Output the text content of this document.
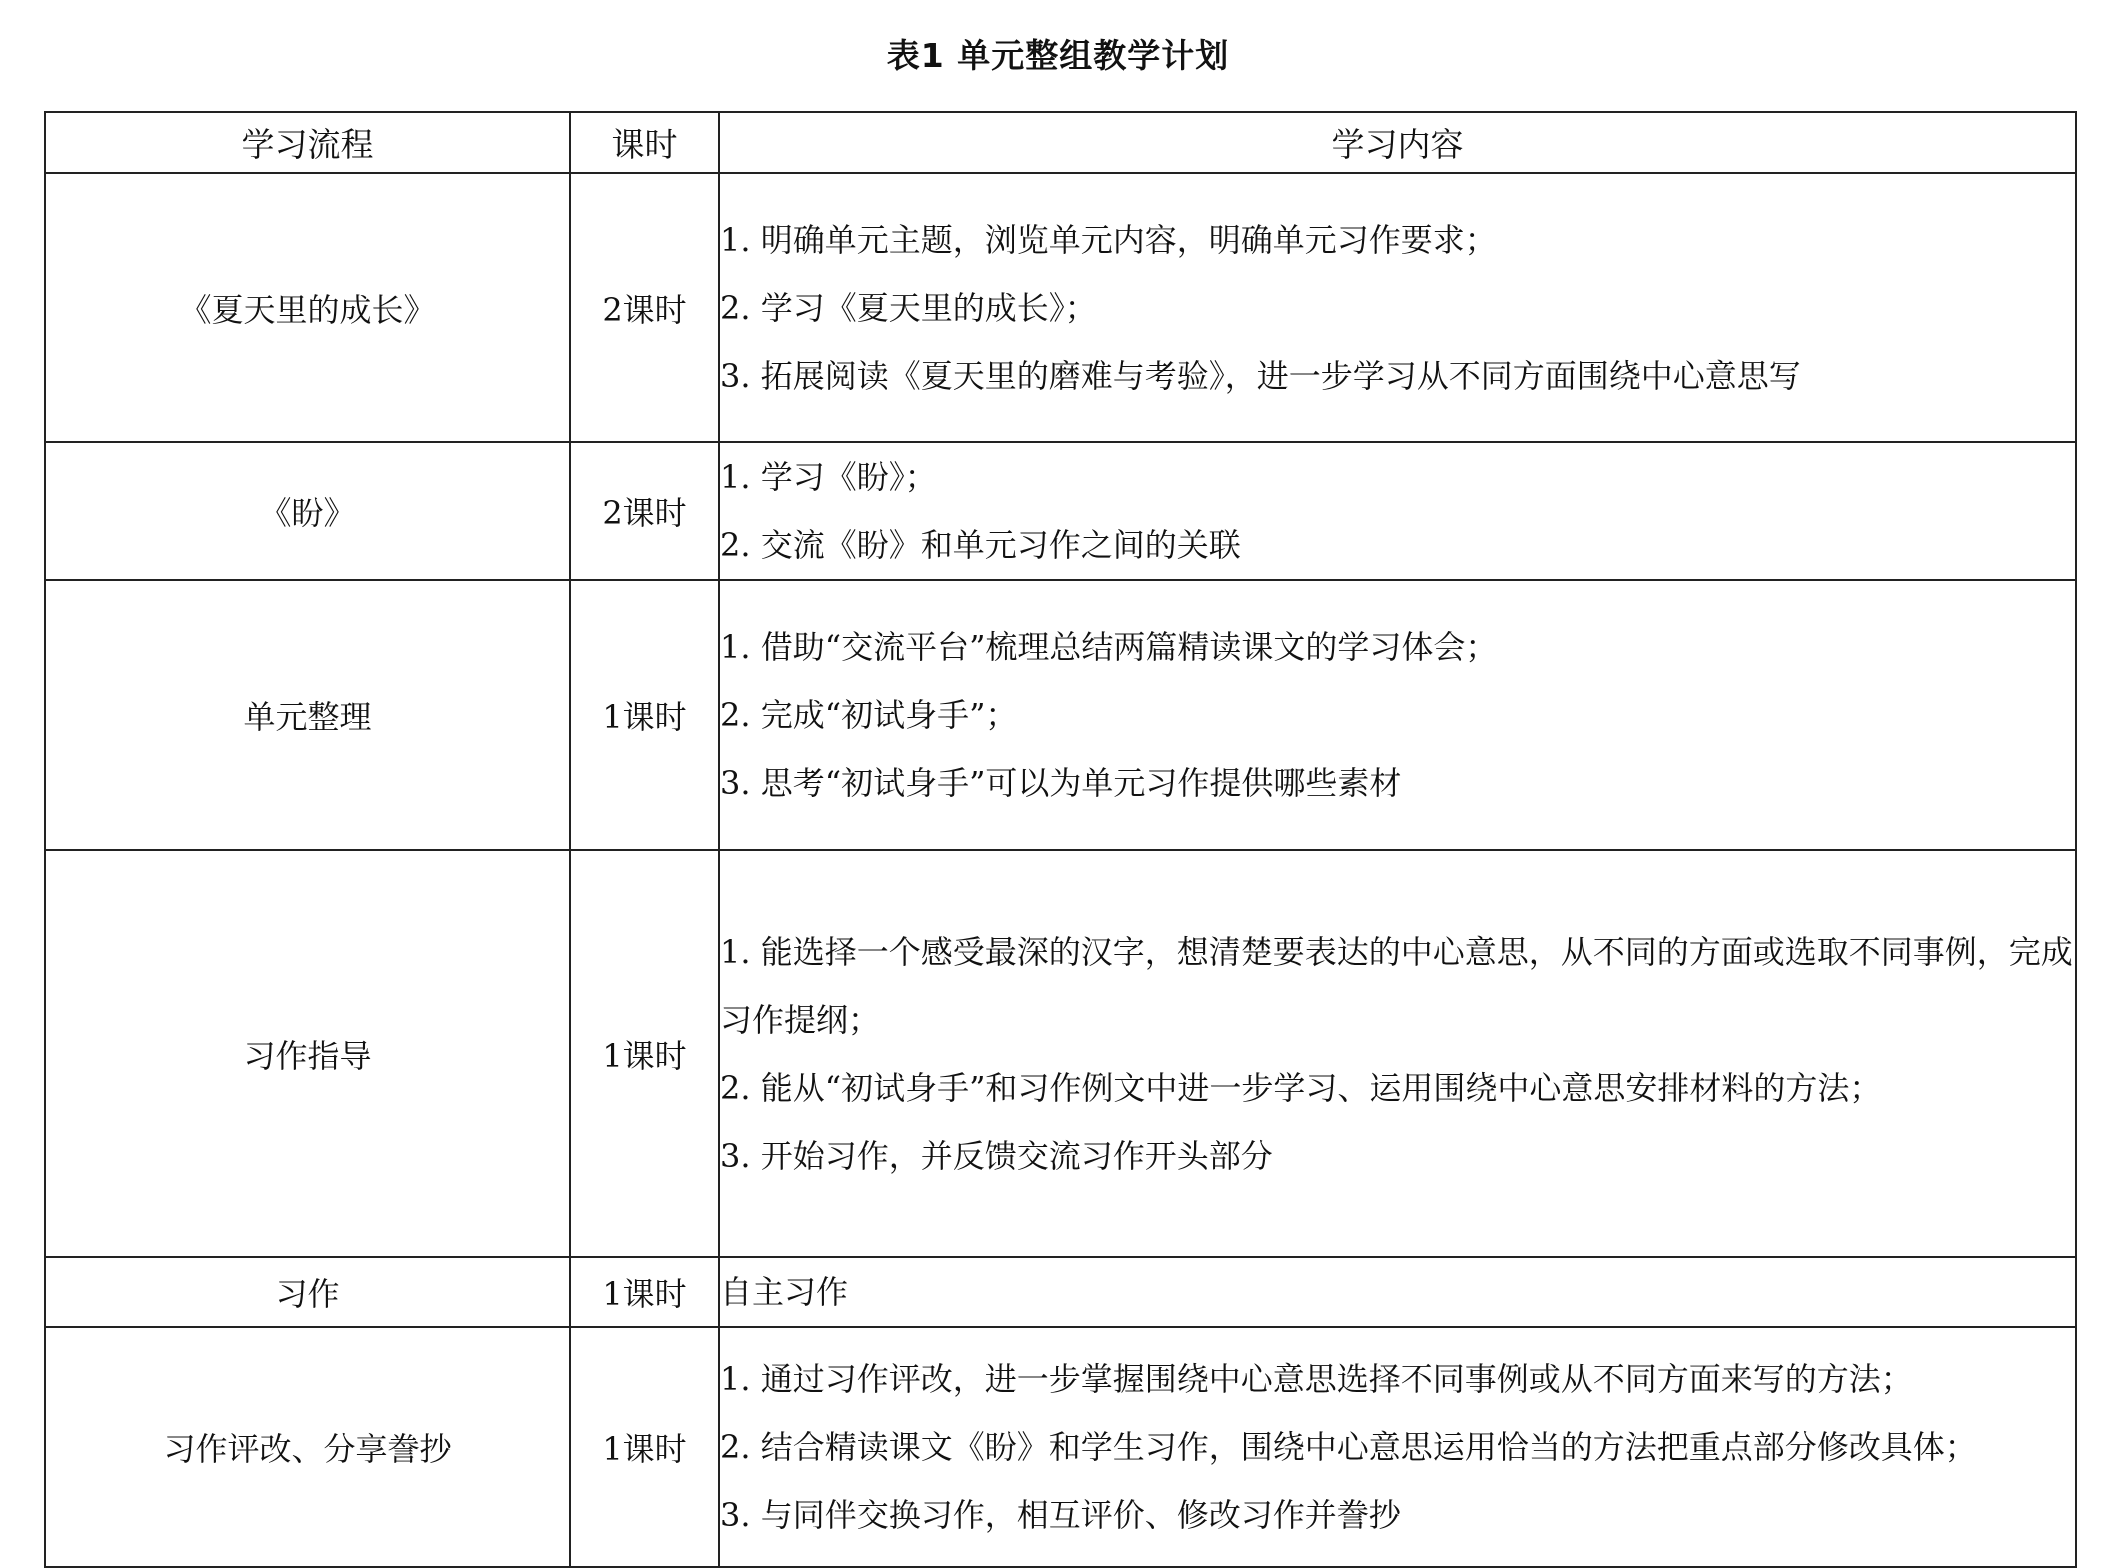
表1 单元整组教学计划
学习流程	课时	学习内容
《夏天里的成长》	2课时	1. 明确单元主题，浏览单元内容，明确单元习作要求；
2. 学习《夏天里的成长》；
3. 拓展阅读《夏天里的磨难与考验》，进一步学习从不同方面围绕中心意思写

《盼》	2课时	1. 学习《盼》；
2. 交流《盼》和单元习作之间的关联

单元整理	1课时	1. 借助“交流平台”梳理总结两篇精读课文的学习体会；
2. 完成“初试身手”；
3. 思考“初试身手”可以为单元习作提供哪些素材

习作指导	1课时	1. 能选择一个感受最深的汉字，想清楚要表达的中心意思，从不同的方面或选取不同事例，完成习作提纲；
2. 能从“初试身手”和习作例文中进一步学习、运用围绕中心意思安排材料的方法；
3. 开始习作，并反馈交流习作开头部分

习作	1课时	自主习作

习作评改、分享誊抄	1课时	1. 通过习作评改，进一步掌握围绕中心意思选择不同事例或从不同方面来写的方法；
2. 结合精读课文《盼》和学生习作，围绕中心意思运用恰当的方法把重点部分修改具体；
3. 与同伴交换习作，相互评价、修改习作并誊抄
